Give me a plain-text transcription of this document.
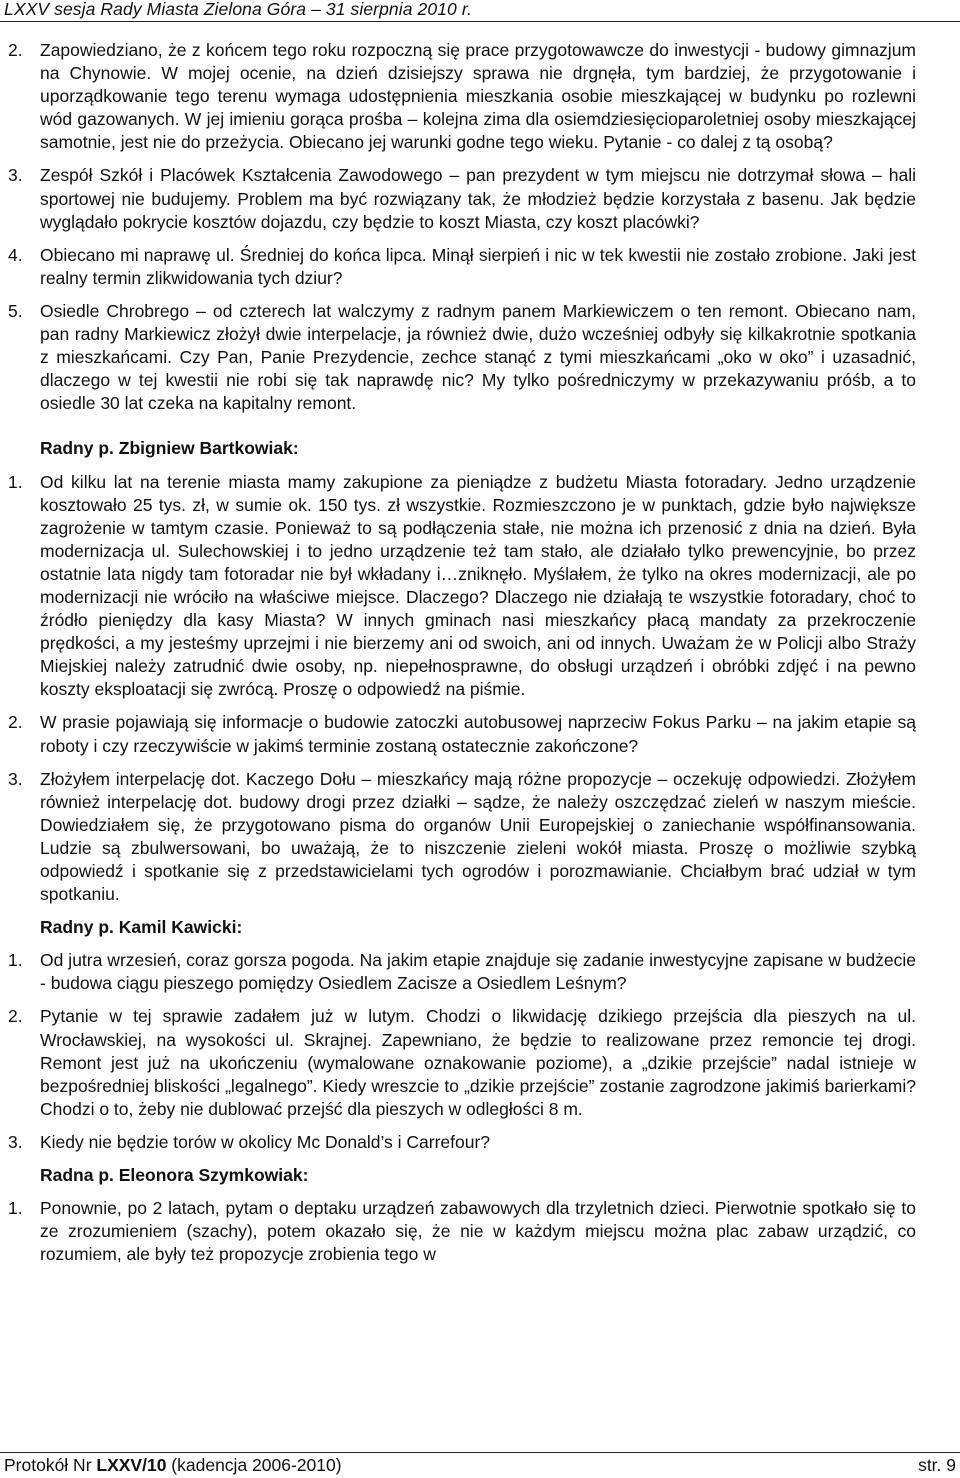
LXXV sesja Rady Miasta Zielona Góra – 31 sierpnia 2010 r.
2. Zapowiedziano, że z końcem tego roku rozpoczną się prace przygotowawcze do inwestycji - budowy gimnazjum na Chynowie. W mojej ocenie, na dzień dzisiejszy sprawa nie drgnęła, tym bardziej, że przygotowanie i uporządkowanie tego terenu wymaga udostępnienia mieszkania osobie mieszkającej w budynku po rozlewni wód gazowanych. W jej imieniu gorąca prośba – kolejna zima dla osiemdziesięcioparoletniej osoby mieszkającej samotnie, jest nie do przeżycia. Obiecano jej warunki godne tego wieku. Pytanie - co dalej z tą osobą?

3. Zespół Szkół i Placówek Kształcenia Zawodowego – pan prezydent w tym miejscu nie dotrzymał słowa – hali sportowej nie budujemy. Problem ma być rozwiązany tak, że młodzież będzie korzystała z basenu. Jak będzie wyglądało pokrycie kosztów dojazdu, czy będzie to koszt Miasta, czy koszt placówki?

4. Obiecano mi naprawę ul. Średniej do końca lipca. Minął sierpień i nic w tek kwestii nie zostało zrobione. Jaki jest realny termin zlikwidowania tych dziur?

5. Osiedle Chrobrego – od czterech lat walczymy z radnym panem Markiewiczem o ten remont. Obiecano nam, pan radny Markiewicz złożył dwie interpelacje, ja również dwie, dużo wcześniej odbyły się kilkakrotnie spotkania z mieszkańcami. Czy Pan, Panie Prezydencie, zechce stanąć z tymi mieszkańcami „oko w oko” i uzasadnić, dlaczego w tej kwestii nie robi się tak naprawdę nic? My tylko pośredniczymy w przekazywaniu próśb, a to osiedle 30 lat czeka na kapitalny remont.

Radny p. Zbigniew Bartkowiak:
1. Od kilku lat na terenie miasta mamy zakupione za pieniądze z budżetu Miasta fotoradary. Jedno urządzenie kosztowało 25 tys. zł, w sumie ok. 150 tys. zł wszystkie. Rozmieszczono je w punktach, gdzie było największe zagrożenie w tamtym czasie. Ponieważ to są podłączenia stałe, nie można ich przenosić z dnia na dzień. Była modernizacja ul. Sulechowskiej i to jedno urządzenie też tam stało, ale działało tylko prewencyjnie, bo przez ostatnie lata nigdy tam fotoradar nie był wkładany i…zniknęło. Myślałem, że tylko na okres modernizacji, ale po modernizacji nie wróciło na właściwe miejsce. Dlaczego? Dlaczego nie działają te wszystkie fotoradary, choć to źródło pieniędzy dla kasy Miasta? W innych gminach nasi mieszkańcy płacą mandaty za przekroczenie prędkości, a my jesteśmy uprzejmi i nie bierzemy ani od swoich, ani od innych. Uważam że w Policji albo Straży Miejskiej należy zatrudnić dwie osoby, np. niepełnosprawne, do obsługi urządzeń i obróbki zdjęć i na pewno koszty eksploatacji się zwrócą. Proszę o odpowiedź na piśmie.

2. W prasie pojawiają się informacje o budowie zatoczki autobusowej naprzeciw Fokus Parku – na jakim etapie są roboty i czy rzeczywiście w jakimś terminie zostaną ostatecznie zakończone?

3. Złożyłem interpelację dot. Kaczego Dołu – mieszkańcy mają różne propozycje – oczekuję odpowiedzi. Złożyłem również interpelację dot. budowy drogi przez działki – sądze, że należy oszczędzać zieleń w naszym mieście. Dowiedziałem się, że przygotowano pisma do organów Unii Europejskiej o zaniechanie współfinansowania. Ludzie są zbulwersowani, bo uważają, że to niszczenie zieleni wokół miasta. Proszę o możliwie szybką odpowiedź i spotkanie się z przedstawicielami tych ogrodów i porozmawianie. Chciałbym brać udział w tym spotkaniu.

Radny p. Kamil Kawicki:
1. Od jutra wrzesień, coraz gorsza pogoda. Na jakim etapie znajduje się zadanie inwestycyjne zapisane w budżecie - budowa ciągu pieszego pomiędzy Osiedlem Zacisze a Osiedlem Leśnym?

2. Pytanie w tej sprawie zadałem już w lutym. Chodzi o likwidację dzikiego przejścia dla pieszych na ul. Wrocławskiej, na wysokości ul. Skrajnej. Zapewniano, że będzie to realizowane przez remoncie tej drogi. Remont jest już na ukończeniu (wymalowane oznakowanie poziome), a „dzikie przejście” nadal istnieje w bezpośredniej bliskości „legalnego”. Kiedy wreszcie to „dzikie przejście” zostanie zagrodzone jakimiś barierkami? Chodzi o to, żeby nie dublować przejść dla pieszych w odległości 8 m.

3. Kiedy nie będzie torów w okolicy Mc Donald’s i Carrefour?

Radna p. Eleonora Szymkowiak:
1. Ponownie, po 2 latach, pytam o deptaku urządzeń zabawowych dla trzyletnich dzieci. Pierwotnie spotkało się to ze zrozumieniem (szachy), potem okazało się, że nie w każdym miejscu można plac zabaw urządzić, co rozumiem, ale były też propozycje zrobienia tego w

Protokół Nr LXXV/10 (kadencja 2006-2010)	str. 9
